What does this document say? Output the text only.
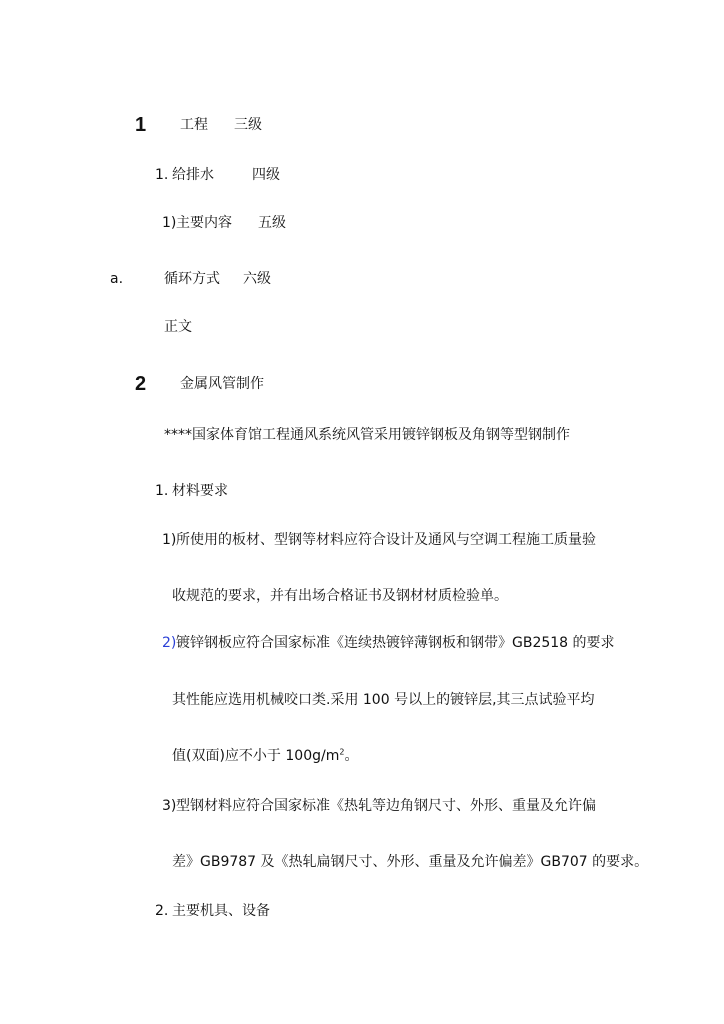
1 工程 三级
1. 给排水	四级
1) 主要内容 五级
a.	循环方式 六级
正文
2 金属风管制作
****国家体育馆工程通风系统风管采用镀锌钢板及角钢等型钢制作
1. 材料要求
1) 所使用的板材、型钢等材料应符合设计及通风与空调工程施工质量验
收规范的要求，并有出场合格证书及钢材材质检验单。
2) 镀锌钢板应符合国家标准《连续热镀锌薄钢板和钢带》GB2518 的要求
其性能应选用机械咬口类.采用 100 号以上的镀锌层,其三点试验平均
值(双面)应不小于 $100g/m^2$。
3) 型钢材料应符合国家标准《热轧等边角钢尺寸、外形、重量及允许偏
差》GB9787 及《热轧扁钢尺寸、外形、重量及允许偏差》GB707 的要求。
2. 主要机具、设备
